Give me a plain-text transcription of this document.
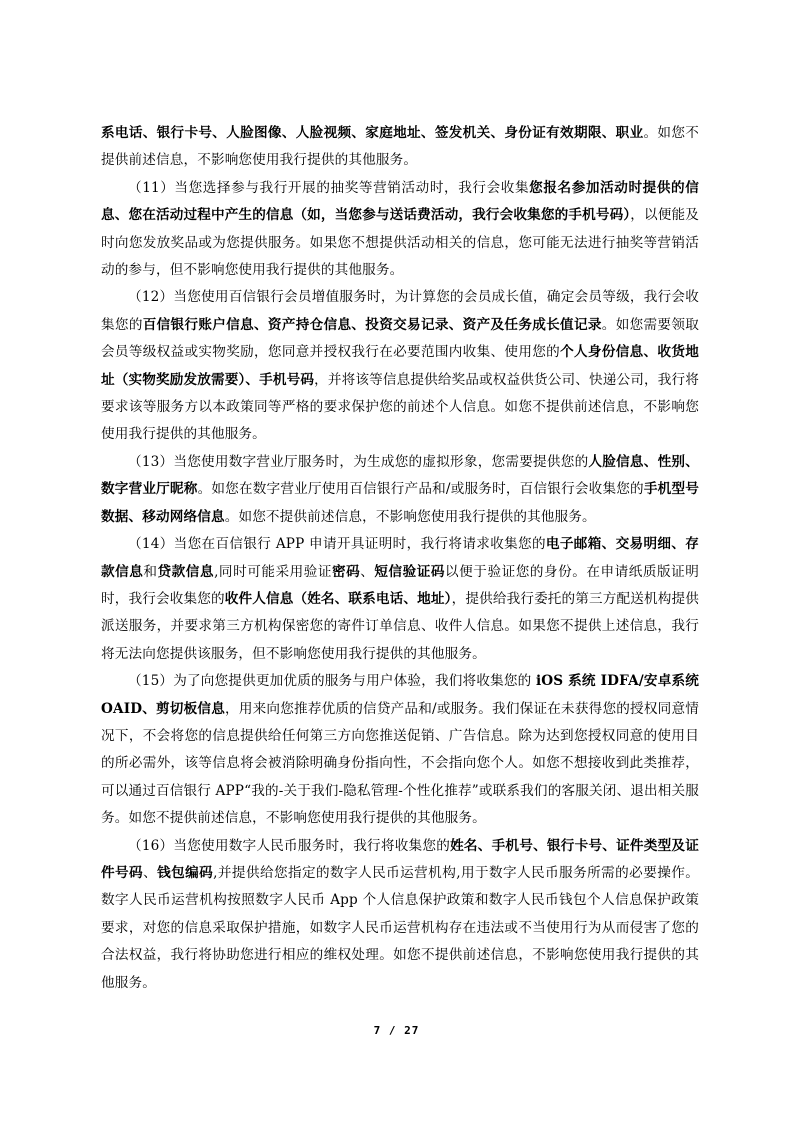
系电话、银行卡号、人脸图像、人脸视频、家庭地址、签发机关、身份证有效期限、职业。如您不提供前述信息，不影响您使用我行提供的其他服务。

（11）当您选择参与我行开展的抽奖等营销活动时，我行会收集您报名参加活动时提供的信息、您在活动过程中产生的信息（如，当您参与送话费活动，我行会收集您的手机号码），以便能及时向您发放奖品或为您提供服务。如果您不想提供活动相关的信息，您可能无法进行抽奖等营销活动的参与，但不影响您使用我行提供的其他服务。

（12）当您使用百信银行会员增值服务时，为计算您的会员成长值，确定会员等级，我行会收集您的百信银行账户信息、资产持仓信息、投资交易记录、资产及任务成长值记录。如您需要领取会员等级权益或实物奖励，您同意并授权我行在必要范围内收集、使用您的个人身份信息、收货地址（实物奖励发放需要）、手机号码，并将该等信息提供给奖品或权益供货公司、快递公司，我行将要求该等服务方以本政策同等严格的要求保护您的前述个人信息。如您不提供前述信息，不影响您使用我行提供的其他服务。

（13）当您使用数字营业厅服务时，为生成您的虚拟形象，您需要提供您的人脸信息、性别、数字营业厅昵称。如您在数字营业厅使用百信银行产品和/或服务时，百信银行会收集您的手机型号数据、移动网络信息。如您不提供前述信息，不影响您使用我行提供的其他服务。

（14）当您在百信银行 APP 申请开具证明时，我行将请求收集您的电子邮箱、交易明细、存款信息和贷款信息,同时可能采用验证密码、短信验证码以便于验证您的身份。在申请纸质版证明时，我行会收集您的收件人信息（姓名、联系电话、地址），提供给我行委托的第三方配送机构提供派送服务，并要求第三方机构保密您的寄件订单信息、收件人信息。如果您不提供上述信息，我行将无法向您提供该服务，但不影响您使用我行提供的其他服务。

（15）为了向您提供更加优质的服务与用户体验，我们将收集您的 iOS 系统 IDFA/安卓系统 OAID、剪切板信息，用来向您推荐优质的信贷产品和/或服务。我们保证在未获得您的授权同意情况下，不会将您的信息提供给任何第三方向您推送促销、广告信息。除为达到您授权同意的使用目的所必需外，该等信息将会被消除明确身份指向性，不会指向您个人。如您不想接收到此类推荐，可以通过百信银行 APP“我的-关于我们-隐私管理-个性化推荐”或联系我们的客服关闭、退出相关服务。如您不提供前述信息，不影响您使用我行提供的其他服务。

（16）当您使用数字人民币服务时，我行将收集您的姓名、手机号、银行卡号、证件类型及证件号码、钱包编码,并提供给您指定的数字人民币运营机构,用于数字人民币服务所需的必要操作。数字人民币运营机构按照数字人民币 App 个人信息保护政策和数字人民币钱包个人信息保护政策要求，对您的信息采取保护措施，如数字人民币运营机构存在违法或不当使用行为从而侵害了您的合法权益，我行将协助您进行相应的维权处理。如您不提供前述信息，不影响您使用我行提供的其他服务。

7 / 27
